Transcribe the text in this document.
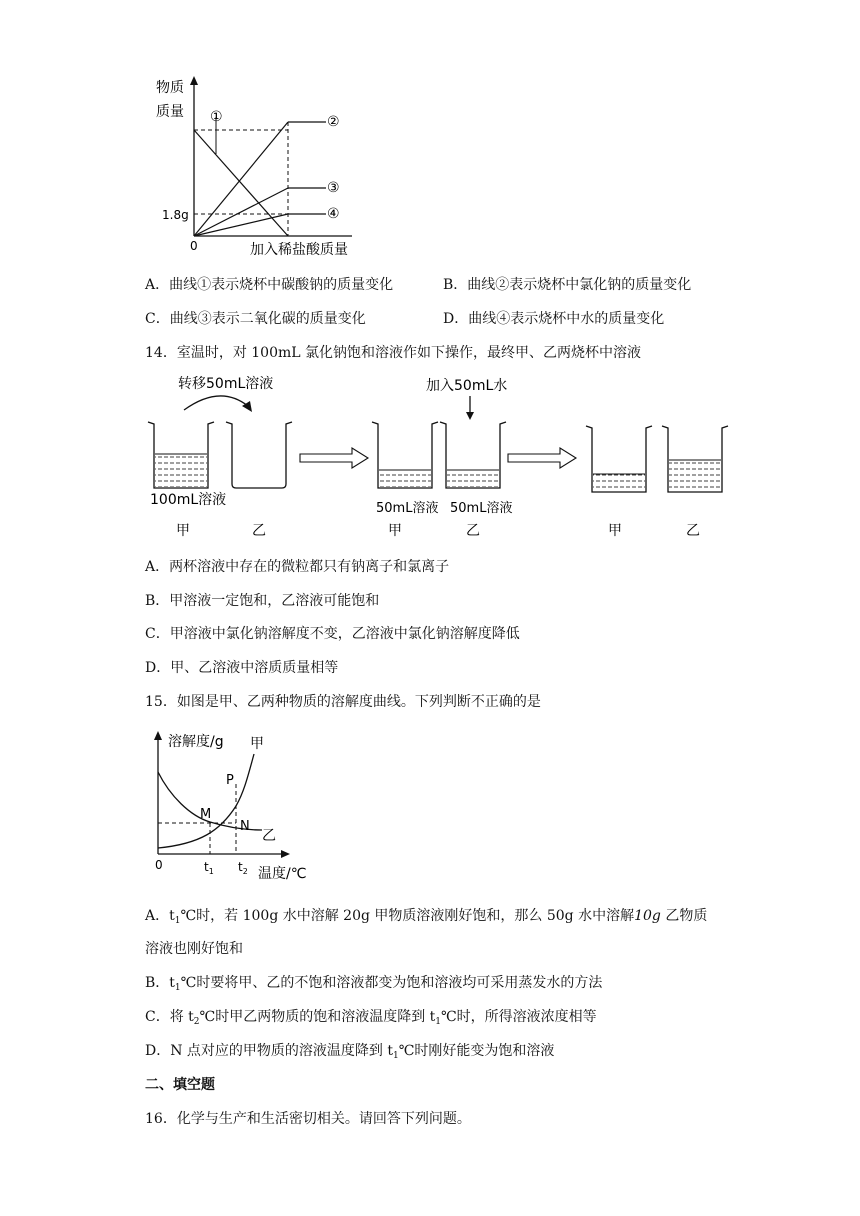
物质
质量
1.8g
0	加入稀盐酸质量
①	②
③
④
A．曲线①表示烧杯中碳酸钠的质量变化	B．曲线②表示烧杯中氯化钠的质量变化
C．曲线③表示二氧化碳的质量变化	D．曲线④表示烧杯中水的质量变化
14．室温时，对 100mL 氯化钠饱和溶液作如下操作，最终甲、乙两烧杯中溶液
转移50mL溶液	加入50mL水
100mL溶液
甲	乙
50mL溶液 50mL溶液
甲	乙	甲	乙
A．两杯溶液中存在的微粒都只有钠离子和氯离子
B．甲溶液一定饱和，乙溶液可能饱和
C．甲溶液中氯化钠溶解度不变，乙溶液中氯化钠溶解度降低
D．甲、乙溶液中溶质质量相等
15．如图是甲、乙两种物质的溶解度曲线。下列判断不正确的是
溶解度/g
0	$t_1$ $t_2$ 温度/℃
甲
乙
P
M
N
A．$t_1℃$时，若 100g 水中溶解 20g 甲物质溶液刚好饱和，那么 50g 水中溶解10g 乙物质
溶液也刚好饱和
B．$t_1℃$时要将甲、乙的不饱和溶液都变为饱和溶液均可采用蒸发水的方法
C．将 $t_2℃$时甲乙两物质的饱和溶液温度降到 $t_1℃$时，所得溶液浓度相等
D．N 点对应的甲物质的溶液温度降到 $t_1℃$时刚好能变为饱和溶液
二、填空题
16．化学与生产和生活密切相关。请回答下列问题。
